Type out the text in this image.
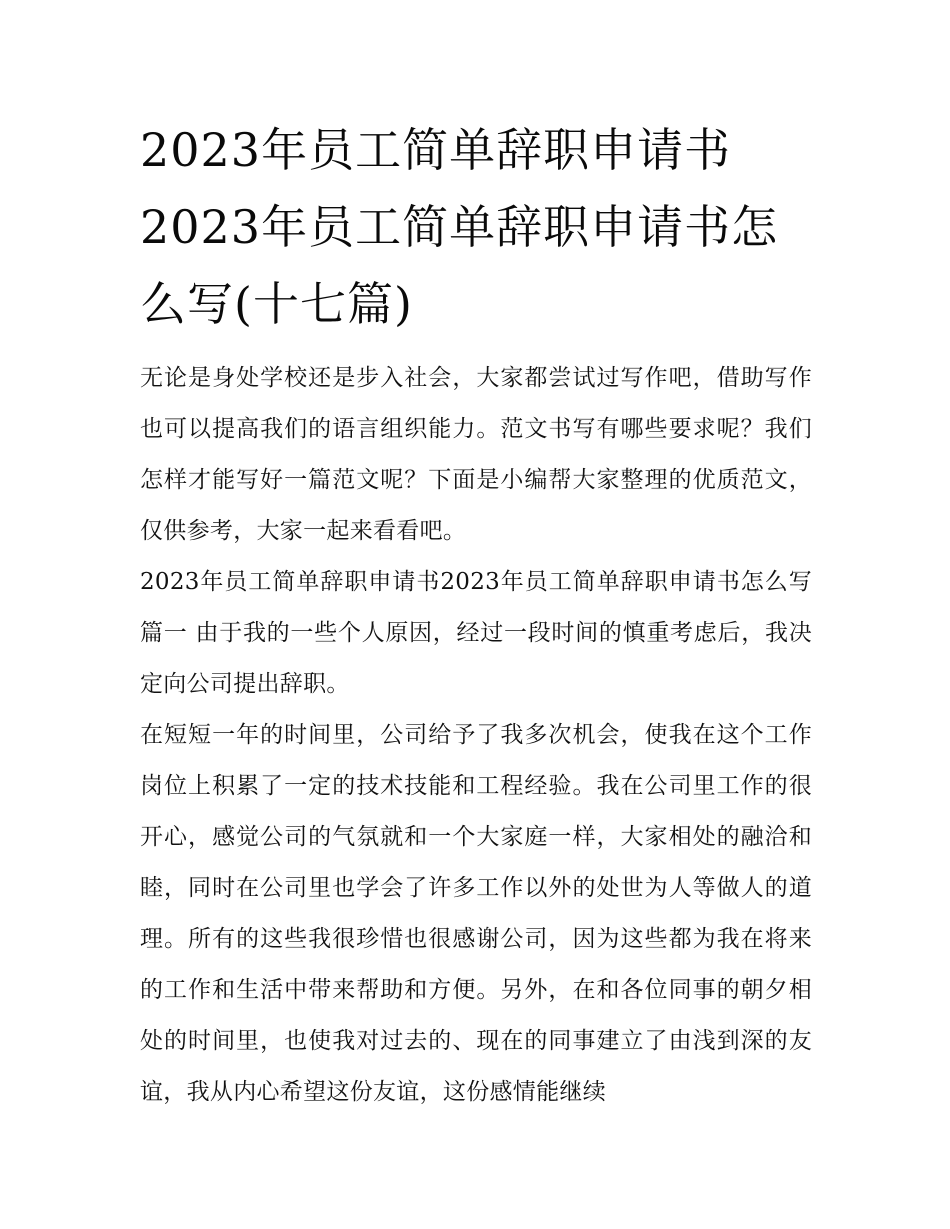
2023年员工简单辞职申请书2023年员工简单辞职申请书怎么写(十七篇)

无论是身处学校还是步入社会，大家都尝试过写作吧，借助写作也可以提高我们的语言组织能力。范文书写有哪些要求呢？我们怎样才能写好一篇范文呢？下面是小编帮大家整理的优质范文，仅供参考，大家一起来看看吧。

2023年员工简单辞职申请书2023年员工简单辞职申请书怎么写篇一 由于我的一些个人原因，经过一段时间的慎重考虑后，我决定向公司提出辞职。

在短短一年的时间里，公司给予了我多次机会，使我在这个工作岗位上积累了一定的技术技能和工程经验。我在公司里工作的很开心，感觉公司的气氛就和一个大家庭一样，大家相处的融洽和睦，同时在公司里也学会了许多工作以外的处世为人等做人的道理。所有的这些我很珍惜也很感谢公司，因为这些都为我在将来的工作和生活中带来帮助和方便。另外，在和各位同事的朝夕相处的时间里，也使我对过去的、现在的同事建立了由浅到深的友谊，我从内心希望这份友谊，这份感情能继续
